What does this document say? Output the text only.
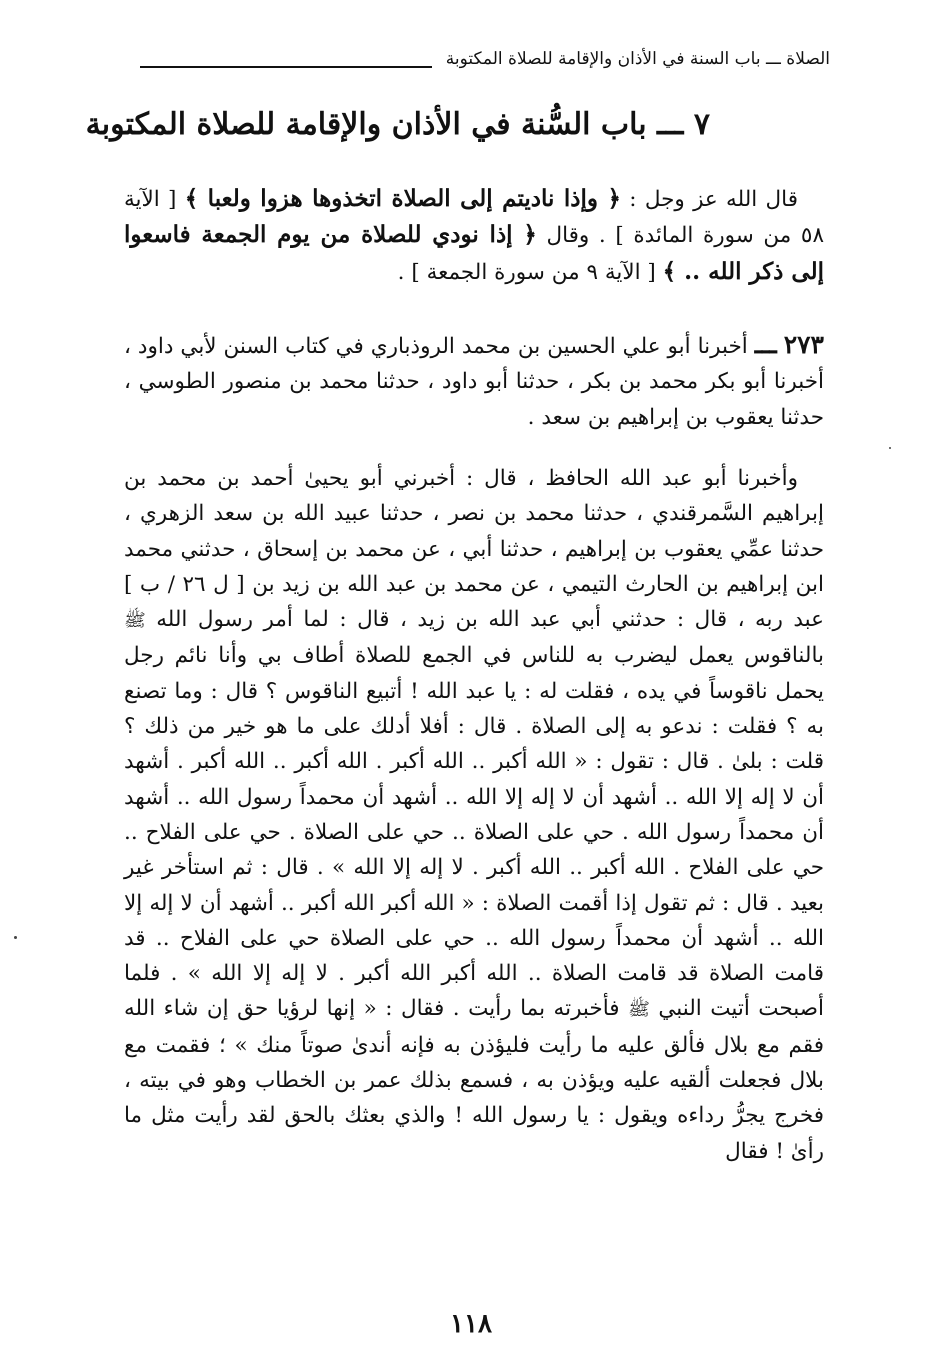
الصلاة ـــ باب السنة في الأذان والإقامة للصلاة المكتوبة
٧ ـــ باب السُّنة في الأذان والإقامة للصلاة المكتوبة

قال الله عز وجل : ﴿ وإذا ناديتم إلى الصلاة اتخذوها هزوا ولعبا ﴾ [ الآية ٥٨ من سورة المائدة ] . وقال ﴿ إذا نودي للصلاة من يوم الجمعة فاسعوا إلى ذكر الله .. ﴾ [ الآية ٩ من سورة الجمعة ] .

٢٧٣ ـــ أخبرنا أبو علي الحسين بن محمد الروذباري في كتاب السنن لأبي داود ، أخبرنا أبو بكر محمد بن بكر ، حدثنا أبو داود ، حدثنا محمد بن منصور الطوسي ، حدثنا يعقوب بن إبراهيم بن سعد .

وأخبرنا أبو عبد الله الحافظ ، قال : أخبرني أبو يحيىٰ أحمد بن محمد بن إبراهيم السَّمرقندي ، حدثنا محمد بن نصر ، حدثنا عبيد الله بن سعد الزهري ، حدثنا عمِّي يعقوب بن إبراهيم ، حدثنا أبي ، عن محمد بن إسحاق ، حدثني محمد ابن إبراهيم بن الحارث التيمي ، عن محمد بن عبد الله بن زيد بن [ ل ٢٦ / ب ] عبد ربه ، قال : حدثني أبي عبد الله بن زيد ، قال : لما أمر رسول الله ﷺ بالناقوس يعمل ليضرب به للناس في الجمع للصلاة أطاف بي وأنا نائم رجل يحمل ناقوساً في يده ، فقلت له : يا عبد الله ! أتبيع الناقوس ؟ قال : وما تصنع به ؟ فقلت : ندعو به إلى الصلاة . قال : أفلا أدلك على ما هو خير من ذلك ؟ قلت : بلىٰ . قال : تقول : « الله أكبر .. الله أكبر . الله أكبر .. الله أكبر . أشهد أن لا إله إلا الله .. أشهد أن لا إله إلا الله .. أشهد أن محمداً رسول الله .. أشهد أن محمداً رسول الله . حي على الصلاة .. حي على الصلاة . حي على الفلاح .. حي على الفلاح . الله أكبر .. الله أكبر . لا إله إلا الله » . قال : ثم استأخر غير بعيد . قال : ثم تقول إذا أقمت الصلاة : « الله أكبر الله أكبر .. أشهد أن لا إله إلا الله .. أشهد أن محمداً رسول الله .. حي على الصلاة حي على الفلاح .. قد قامت الصلاة قد قامت الصلاة .. الله أكبر الله أكبر . لا إله إلا الله » . فلما أصبحت أتيت النبي ﷺ فأخبرته بما رأيت . فقال : « إنها لرؤيا حق إن شاء الله فقم مع بلال فألق عليه ما رأيت فليؤذن به فإنه أندىٰ صوتاً منك » ؛ فقمت مع بلال فجعلت ألقيه عليه ويؤذن به ، فسمع بذلك عمر بن الخطاب وهو في بيته ، فخرج يجرُّ رداءه ويقول : يا رسول الله ! والذي بعثك بالحق لقد رأيت مثل ما رأىٰ ! فقال

١١٨
